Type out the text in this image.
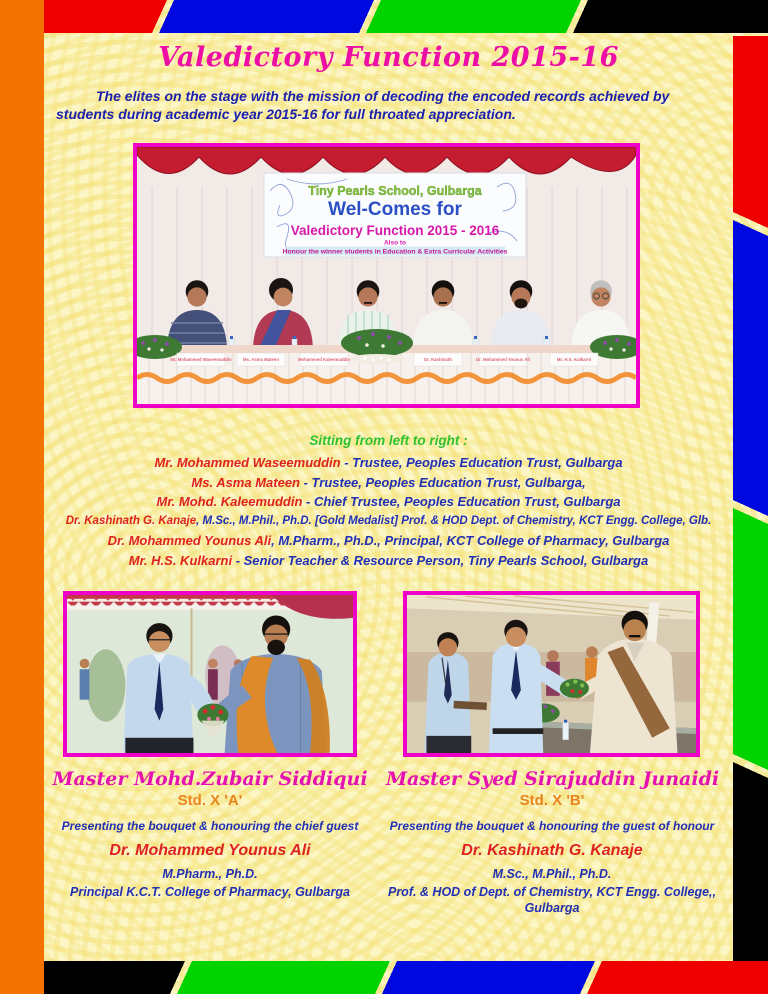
Valedictory Function 2015-16

The elites on the stage with the mission of decoding the encoded records achieved by students during academic year 2015-16 for full throated appreciation.

Tiny Pearls School, Gulbarga
Wel-Comes for
Valedictory Function 2015 - 2016
Also to
Honour the winner students in Education & Extra Curricular Activities
Mr. Mohammed Waseemuddin	Ms. Asma Mateen	Mohammed Kaleemuddin	Dr. Kashinath	Dr. Mohammed Younus Ali	Mr. H.S. Kulkarni

Sitting from left to right :

Mr. Mohammed Waseemuddin - Trustee, Peoples Education Trust, Gulbarga
Ms. Asma Mateen - Trustee, Peoples Education Trust, Gulbarga,
Mr. Mohd. Kaleemuddin - Chief Trustee, Peoples Education Trust, Gulbarga
Dr. Kashinath G. Kanaje, M.Sc., M.Phil., Ph.D. [Gold Medalist] Prof. & HOD Dept. of Chemistry, KCT Engg. College, Glb.
Dr. Mohammed Younus Ali, M.Pharm., Ph.D., Principal, KCT College of Pharmacy, Gulbarga
Mr. H.S. Kulkarni - Senior Teacher & Resource Person, Tiny Pearls School, Gulbarga

Master Mohd.Zubair Siddiqui

Std. X 'A'

Presenting the bouquet & honouring the chief guest

Dr. Mohammed Younus Ali

M.Pharm., Ph.D.

Principal K.C.T. College of Pharmacy, Gulbarga

Master Syed Sirajuddin Junaidi

Std. X 'B'

Presenting the bouquet & honouring the guest of honour

Dr. Kashinath G. Kanaje

M.Sc., M.Phil., Ph.D.

Prof. & HOD of Dept. of Chemistry, KCT Engg. College,, Gulbarga
